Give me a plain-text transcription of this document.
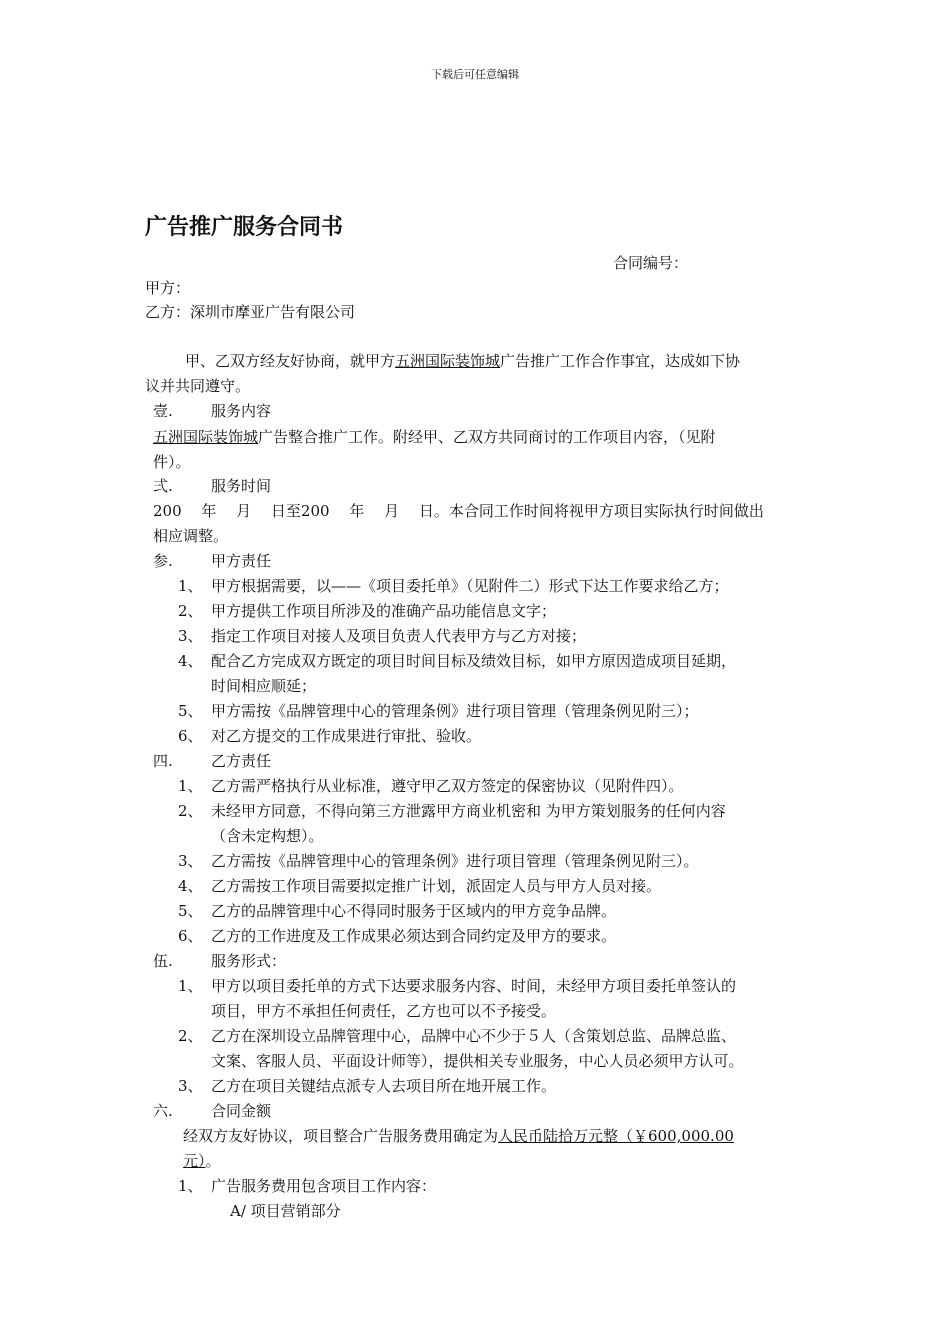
下载后可任意编辑
广告推广服务合同书
合同编号：
甲方：
乙方：深圳市摩亚广告有限公司
甲、乙双方经友好协商，就甲方五洲国际装饰城广告推广工作合作事宜，达成如下协
议并共同遵守。
壹.	服务内容
五洲国际装饰城广告整合推广工作。附经甲、乙双方共同商讨的工作项目内容，（见附
件）。
弍.	服务时间
200　 年　 月　 日至200　 年　 月　 日。本合同工作时间将视甲方项目实际执行时间做出
相应调整。
参.	甲方责任
1、 甲方根据需要，以——《项目委托单》（见附件二）形式下达工作要求给乙方；
2、 甲方提供工作项目所涉及的准确产品功能信息文字；
3、 指定工作项目对接人及项目负责人代表甲方与乙方对接；
4、 配合乙方完成双方既定的项目时间目标及绩效目标，如甲方原因造成项目延期，
时间相应顺延；
5、 甲方需按《品牌管理中心的管理条例》进行项目管理（管理条例见附三）；
6、 对乙方提交的工作成果进行审批、验收。
四.	乙方责任
1、 乙方需严格执行从业标准，遵守甲乙双方签定的保密协议（见附件四）。
2、 未经甲方同意，不得向第三方泄露甲方商业机密和 为甲方策划服务的任何内容
（含未定构想）。
3、 乙方需按《品牌管理中心的管理条例》进行项目管理（管理条例见附三）。
4、 乙方需按工作项目需要拟定推广计划，派固定人员与甲方人员对接。
5、 乙方的品牌管理中心不得同时服务于区域内的甲方竞争品牌。
6、 乙方的工作进度及工作成果必须达到合同约定及甲方的要求。
伍.	服务形式：
1、 甲方以项目委托单的方式下达要求服务内容、时间，未经甲方项目委托单签认的
项目，甲方不承担任何责任，乙方也可以不予接受。
2、 乙方在深圳设立品牌管理中心，品牌中心不少于５人（含策划总监、品牌总监、
文案、客服人员、平面设计师等），提供相关专业服务，中心人员必须甲方认可。
3、 乙方在项目关键结点派专人去项目所在地开展工作。
六.	合同金额
经双方友好协议，项目整合广告服务费用确定为人民币陆拾万元整（￥600,000.00
元）。
1、 广告服务费用包含项目工作内容：
A/ 项目营销部分
